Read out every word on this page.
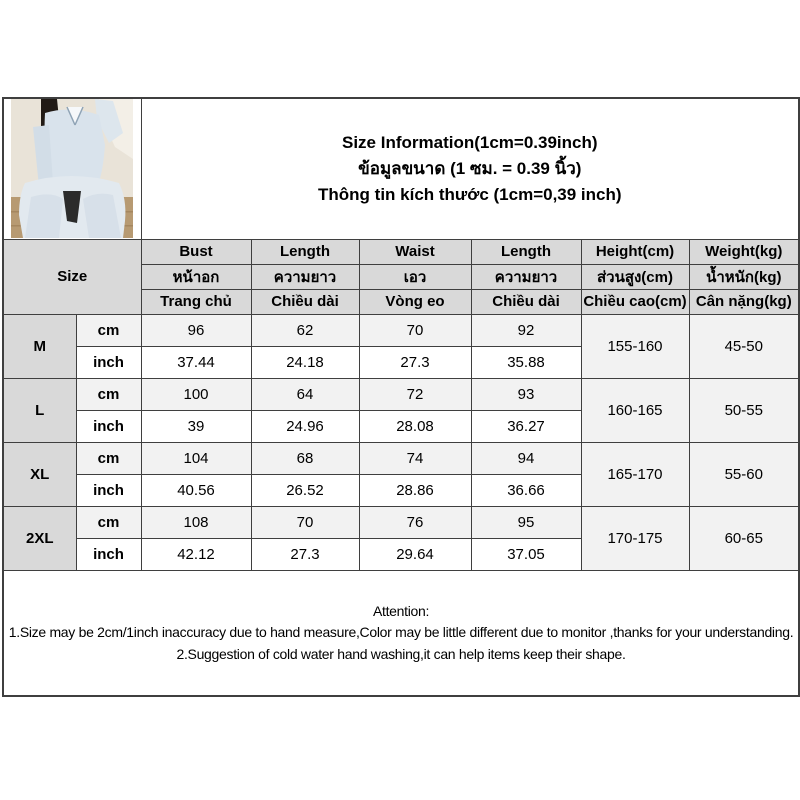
Size Information(1cm=0.39inch)
ข้อมูลขนาด (1 ซม. = 0.39 นิ้ว)
Thông tin kích thước (1cm=0,39 inch)					

Size		Bust	Length	Waist	Length	Height(cm)	Weight(kg)
		หน้าอก	ความยาว	เอว	ความยาว	ส่วนสูง(cm)	น้ำหนัก(kg)
		Trang chủ	Chiều dài	Vòng eo	Chiều dài	Chiều cao(cm)	Cân nặng(kg)
M	cm	96	62	70	92	155-160	45-50
	inch	37.44	24.18	27.3	35.88		
L	cm	100	64	72	93	160-165	50-55
	inch	39	24.96	28.08	36.27		
XL	cm	104	68	74	94	165-170	55-60
	inch	40.56	26.52	28.86	36.66		
2XL	cm	108	70	76	95	170-175	60-65
	inch	42.12	27.3	29.64	37.05		

Attention:
1.Size may be 2cm/1inch inaccuracy due to hand measure,Color may be little different due to monitor ,thanks for your understanding.
2.Suggestion of cold water hand washing,it can help items keep their shape.							
